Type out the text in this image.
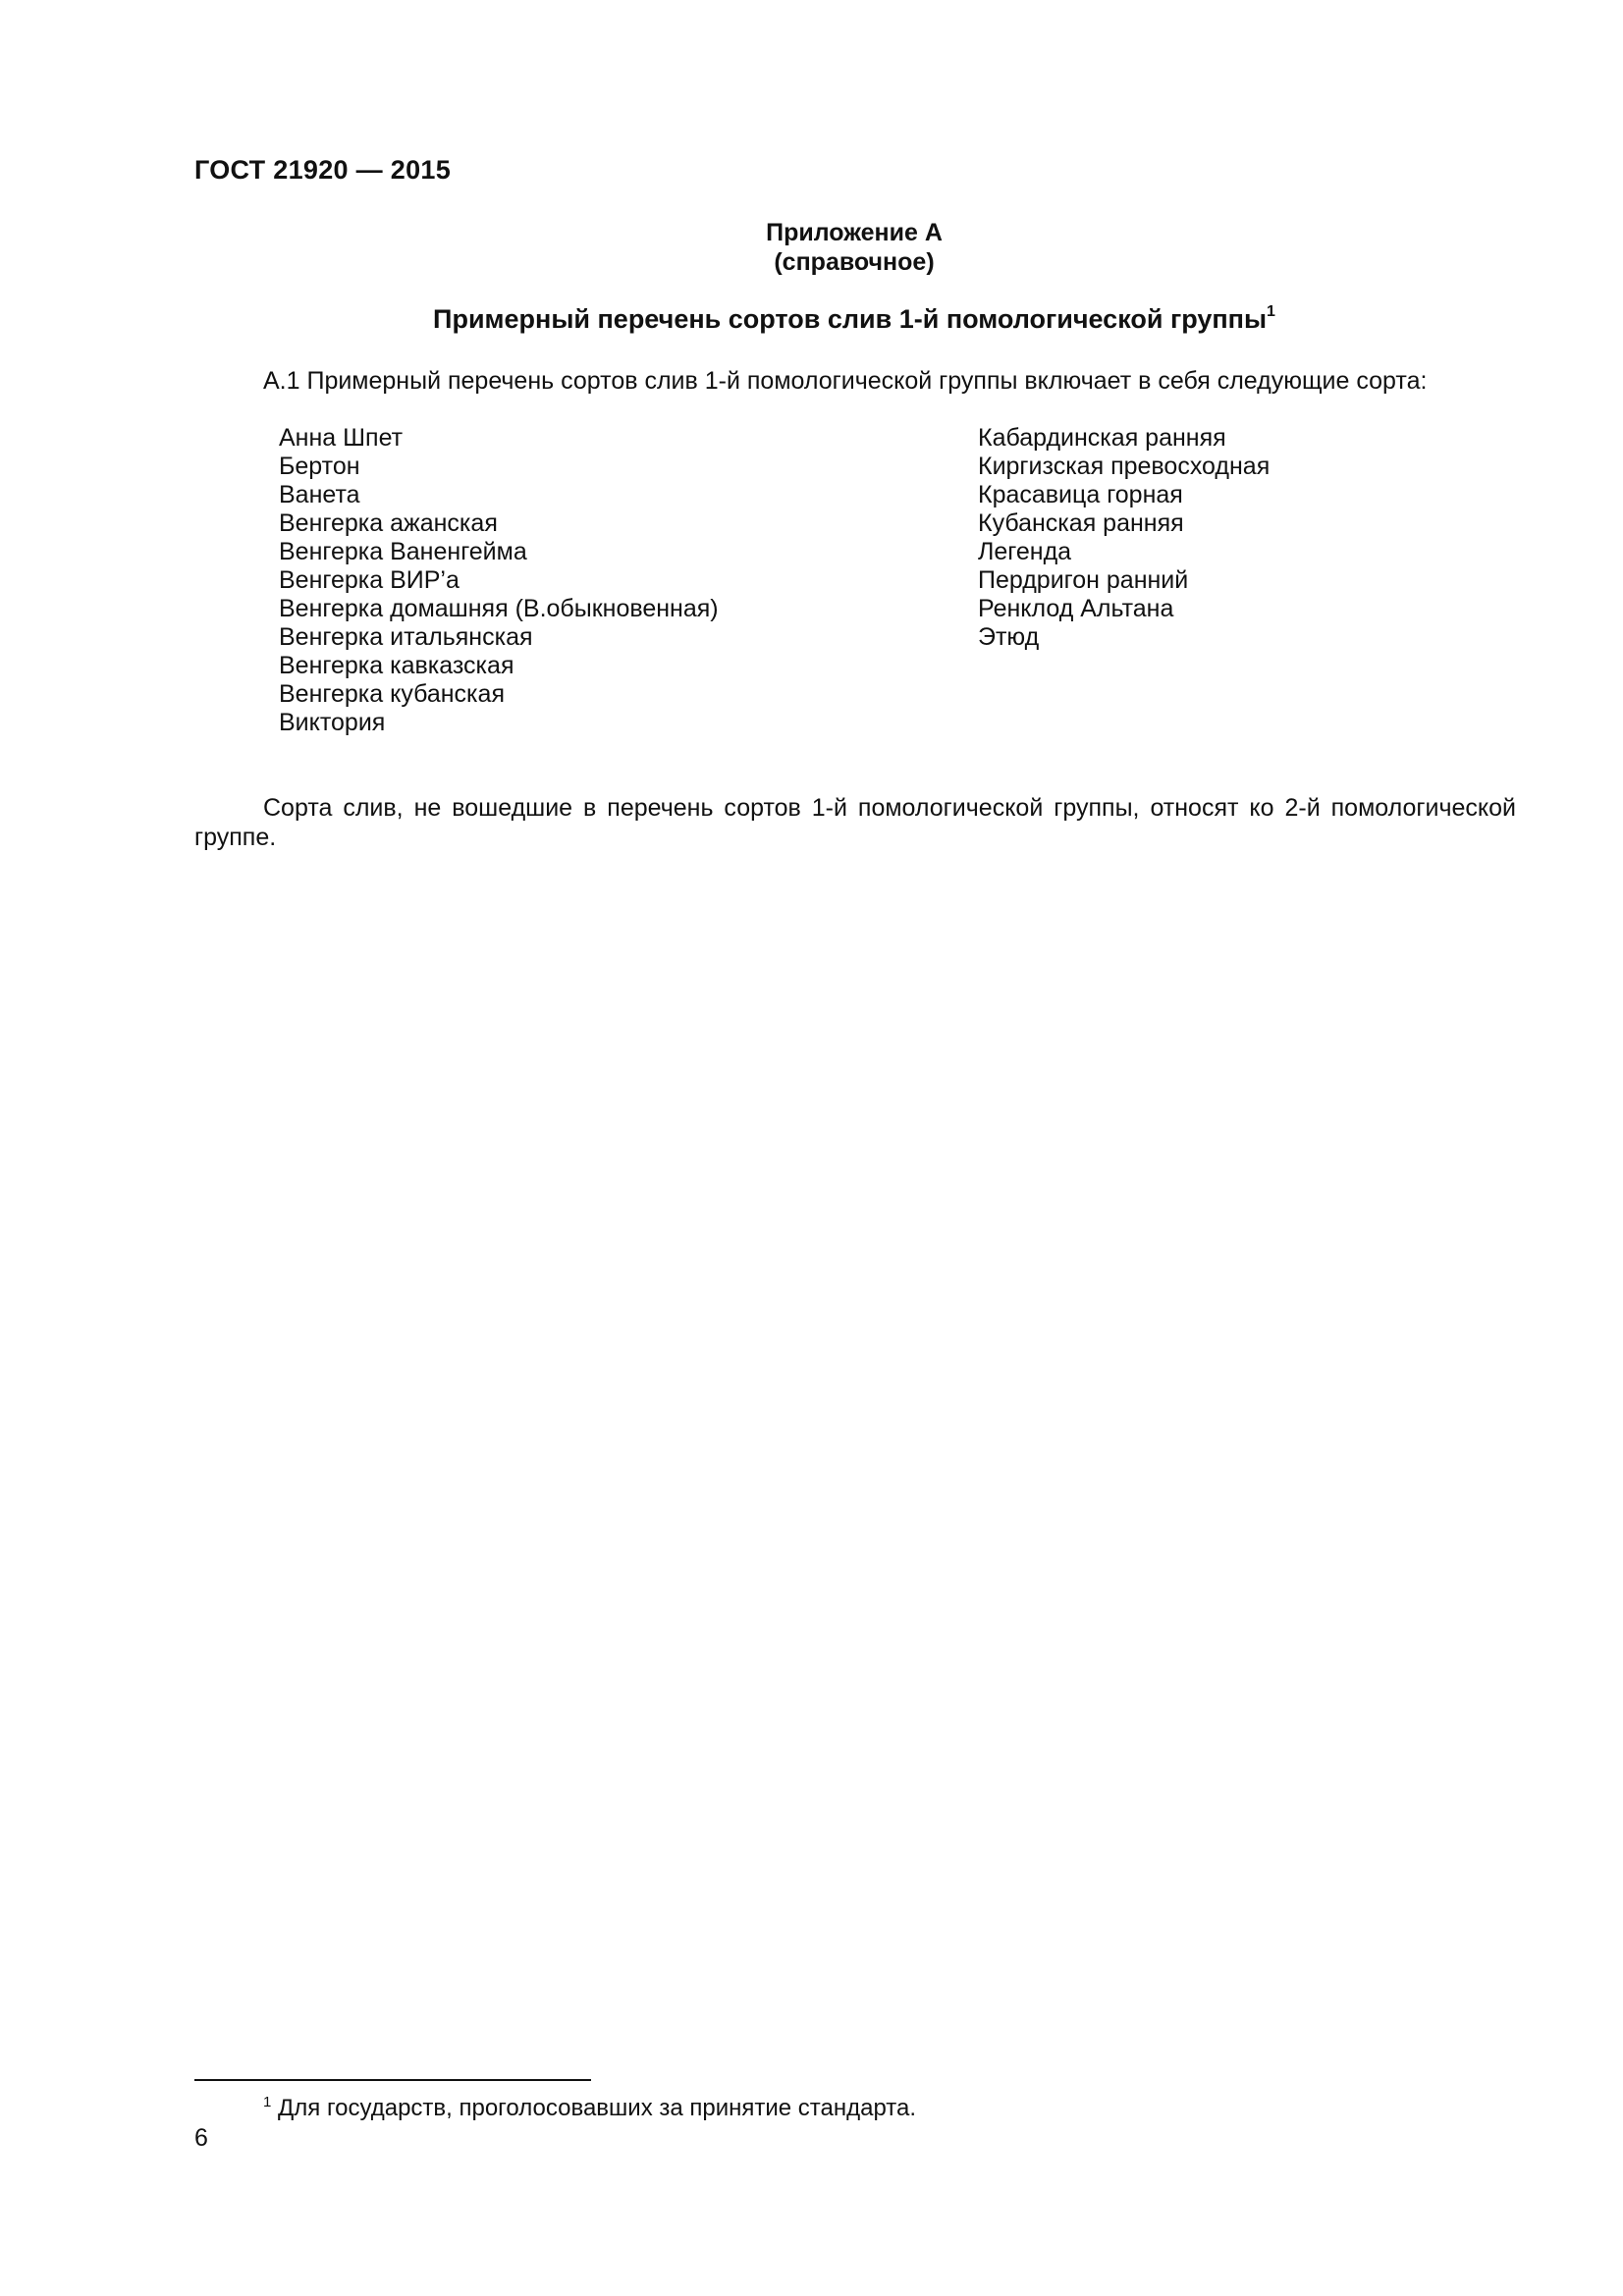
ГОСТ 21920 — 2015
Приложение А
(справочное)
Примерный перечень сортов слив 1-й помологической группы$^1$
А.1 Примерный перечень сортов слив 1-й помологической группы включает в себя следующие сорта:
Анна Шпет
Бертон
Ванета
Венгерка ажанская
Венгерка Ваненгейма
Венгерка ВИР’а
Венгерка домашняя (В.обыкновенная)
Венгерка итальянская
Венгерка кавказская
Венгерка кубанская
Виктория
Кабардинская ранняя
Киргизская превосходная
Красавица горная
Кубанская ранняя
Легенда
Пердригон ранний
Ренклод Альтана
Этюд
Сорта слив, не вошедшие в перечень сортов 1-й помологической группы, относят ко 2-й помологической группе.
$^1$ Для государств, проголосовавших за принятие стандарта.
6
